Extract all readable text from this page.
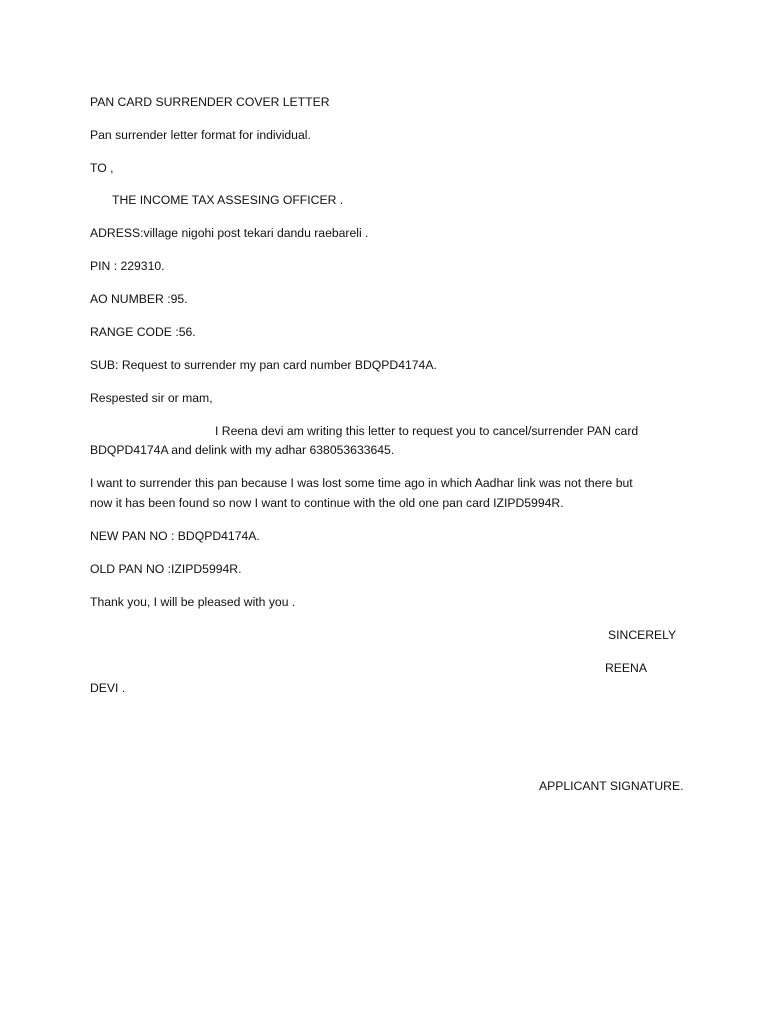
PAN CARD SURRENDER COVER LETTER
Pan surrender letter format for individual.
TO ,
THE INCOME TAX ASSESING OFFICER .
ADRESS:village nigohi post tekari dandu raebareli .
PIN : 229310.
AO NUMBER :95.
RANGE CODE :56.
SUB: Request to surrender my pan card number BDQPD4174A.
Respested sir or mam,
I Reena devi am writing this letter to request you to cancel/surrender PAN card
BDQPD4174A and delink with my adhar 638053633645.
I want to surrender this pan because I was lost some time ago in which Aadhar link was not there but
now it has been found so now I want to continue with the old one pan card IZIPD5994R.
NEW PAN NO : BDQPD4174A.
OLD PAN NO :IZIPD5994R.
Thank you, I will be pleased with you .
SINCERELY
REENA
DEVI .
APPLICANT SIGNATURE.
